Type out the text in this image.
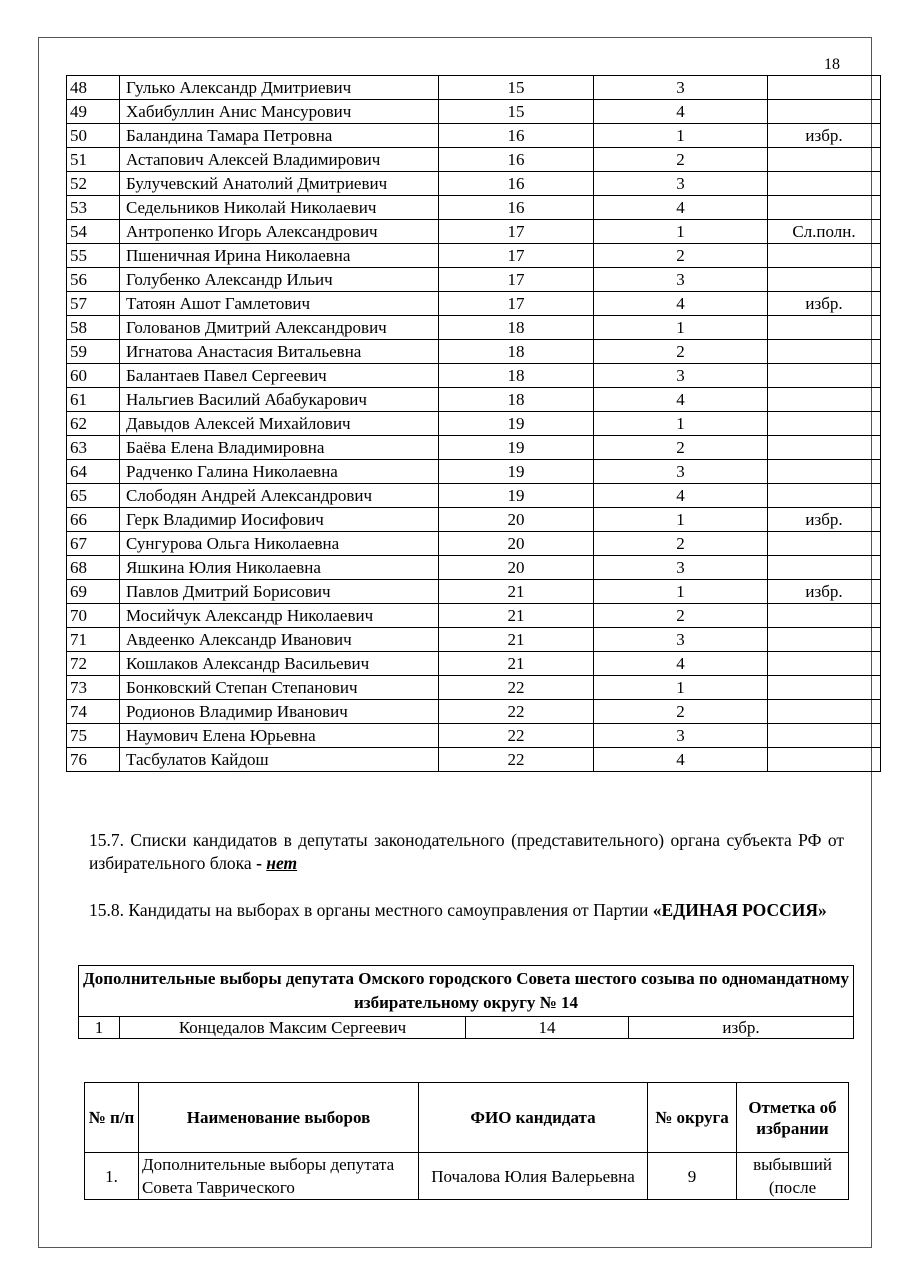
18
48	Гулько Александр Дмитриевич	15	3	
49	Хабибуллин Анис Мансурович	15	4	
50	Баландина Тамара Петровна	16	1	избр.
51	Астапович Алексей Владимирович	16	2	
52	Булучевский Анатолий Дмитриевич	16	3	
53	Седельников Николай Николаевич	16	4	
54	Антропенко Игорь Александрович	17	1	Сл.полн.
55	Пшеничная Ирина Николаевна	17	2	
56	Голубенко Александр Ильич	17	3	
57	Татоян Ашот Гамлетович	17	4	избр.
58	Голованов Дмитрий Александрович	18	1	
59	Игнатова Анастасия Витальевна	18	2	
60	Балантаев Павел Сергеевич	18	3	
61	Нальгиев Василий Абабукарович	18	4	
62	Давыдов Алексей Михайлович	19	1	
63	Баёва Елена Владимировна	19	2	
64	Радченко Галина Николаевна	19	3	
65	Слободян Андрей Александрович	19	4	
66	Герк Владимир Иосифович	20	1	избр.
67	Сунгурова Ольга Николаевна	20	2	
68	Яшкина Юлия Николаевна	20	3	
69	Павлов Дмитрий Борисович	21	1	избр.
70	Мосийчук Александр Николаевич	21	2	
71	Авдеенко Александр Иванович	21	3	
72	Кошлаков Александр Васильевич	21	4	
73	Бонковский Степан Степанович	22	1	
74	Родионов Владимир Иванович	22	2	
75	Наумович Елена Юрьевна	22	3	
76	Тасбулатов Кайдош	22	4	
15.7. Списки кандидатов в депутаты законодательного (представительного) органа субъекта РФ от избирательного блока - нет
15.8. Кандидаты на выборах в органы местного самоуправления от Партии «ЕДИНАЯ РОССИЯ»
Дополнительные выборы депутата Омского городского Совета шестого созыва по одномандатному избирательному округу № 14
1	Концедалов Максим Сергеевич	14	избр.
№ п/п	Наименование выборов	ФИО кандидата	№ округа	Отметка об избрании
1.	Дополнительные выборы депутата Совета Таврического	Почалова Юлия Валерьевна	9	выбывший (после
